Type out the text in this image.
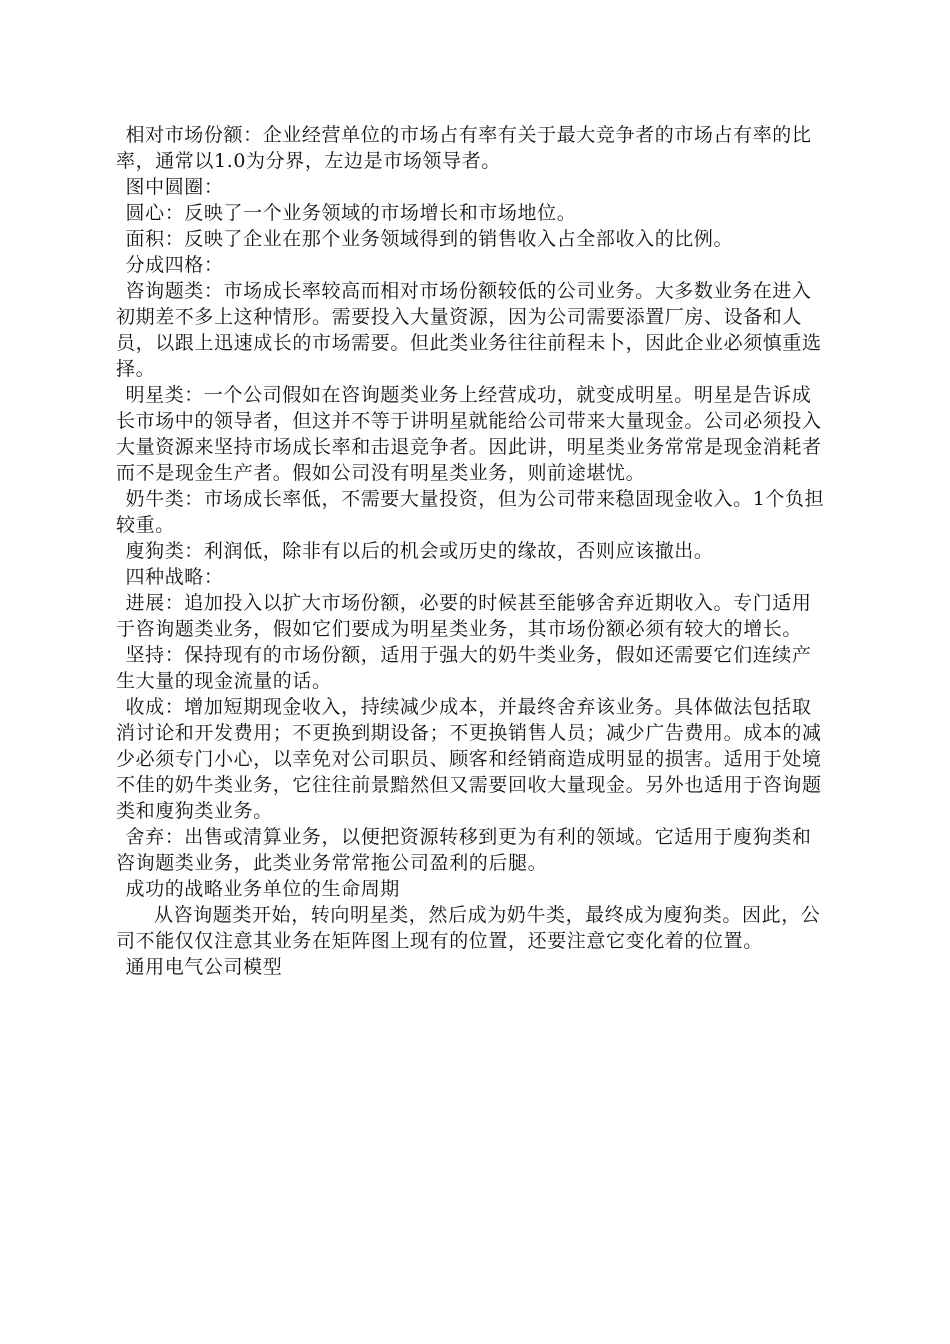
相对市场份额：企业经营单位的市场占有率有关于最大竞争者的市场占有率的比率，通常以1.0为分界，左边是市场领导者。

图中圆圈：

圆心：反映了一个业务领域的市场增长和市场地位。

面积：反映了企业在那个业务领域得到的销售收入占全部收入的比例。

分成四格：

咨询题类：市场成长率较高而相对市场份额较低的公司业务。大多数业务在进入初期差不多上这种情形。需要投入大量资源，因为公司需要添置厂房、设备和人员，以跟上迅速成长的市场需要。但此类业务往往前程未卜，因此企业必须慎重选择。

明星类：一个公司假如在咨询题类业务上经营成功，就变成明星。明星是告诉成长市场中的领导者，但这并不等于讲明星就能给公司带来大量现金。公司必须投入大量资源来坚持市场成长率和击退竞争者。因此讲，明星类业务常常是现金消耗者而不是现金生产者。假如公司没有明星类业务，则前途堪忧。

奶牛类：市场成长率低，不需要大量投资，但为公司带来稳固现金收入。1个负担较重。

廋狗类：利润低，除非有以后的机会或历史的缘故，否则应该撤出。

四种战略：

进展：追加投入以扩大市场份额，必要的时候甚至能够舍弃近期收入。专门适用于咨询题类业务，假如它们要成为明星类业务，其市场份额必须有较大的增长。

坚持：保持现有的市场份额，适用于强大的奶牛类业务，假如还需要它们连续产生大量的现金流量的话。

收成：增加短期现金收入，持续减少成本，并最终舍弃该业务。具体做法包括取消讨论和开发费用；不更换到期设备；不更换销售人员；减少广告费用。成本的减少必须专门小心，以幸免对公司职员、顾客和经销商造成明显的损害。适用于处境不佳的奶牛类业务，它往往前景黯然但又需要回收大量现金。另外也适用于咨询题类和廋狗类业务。

舍弃：出售或清算业务，以便把资源转移到更为有利的领域。它适用于廋狗类和咨询题类业务，此类业务常常拖公司盈利的后腿。

成功的战略业务单位的生命周期

从咨询题类开始，转向明星类，然后成为奶牛类，最终成为廋狗类。因此，公司不能仅仅注意其业务在矩阵图上现有的位置，还要注意它变化着的位置。

通用电气公司模型
